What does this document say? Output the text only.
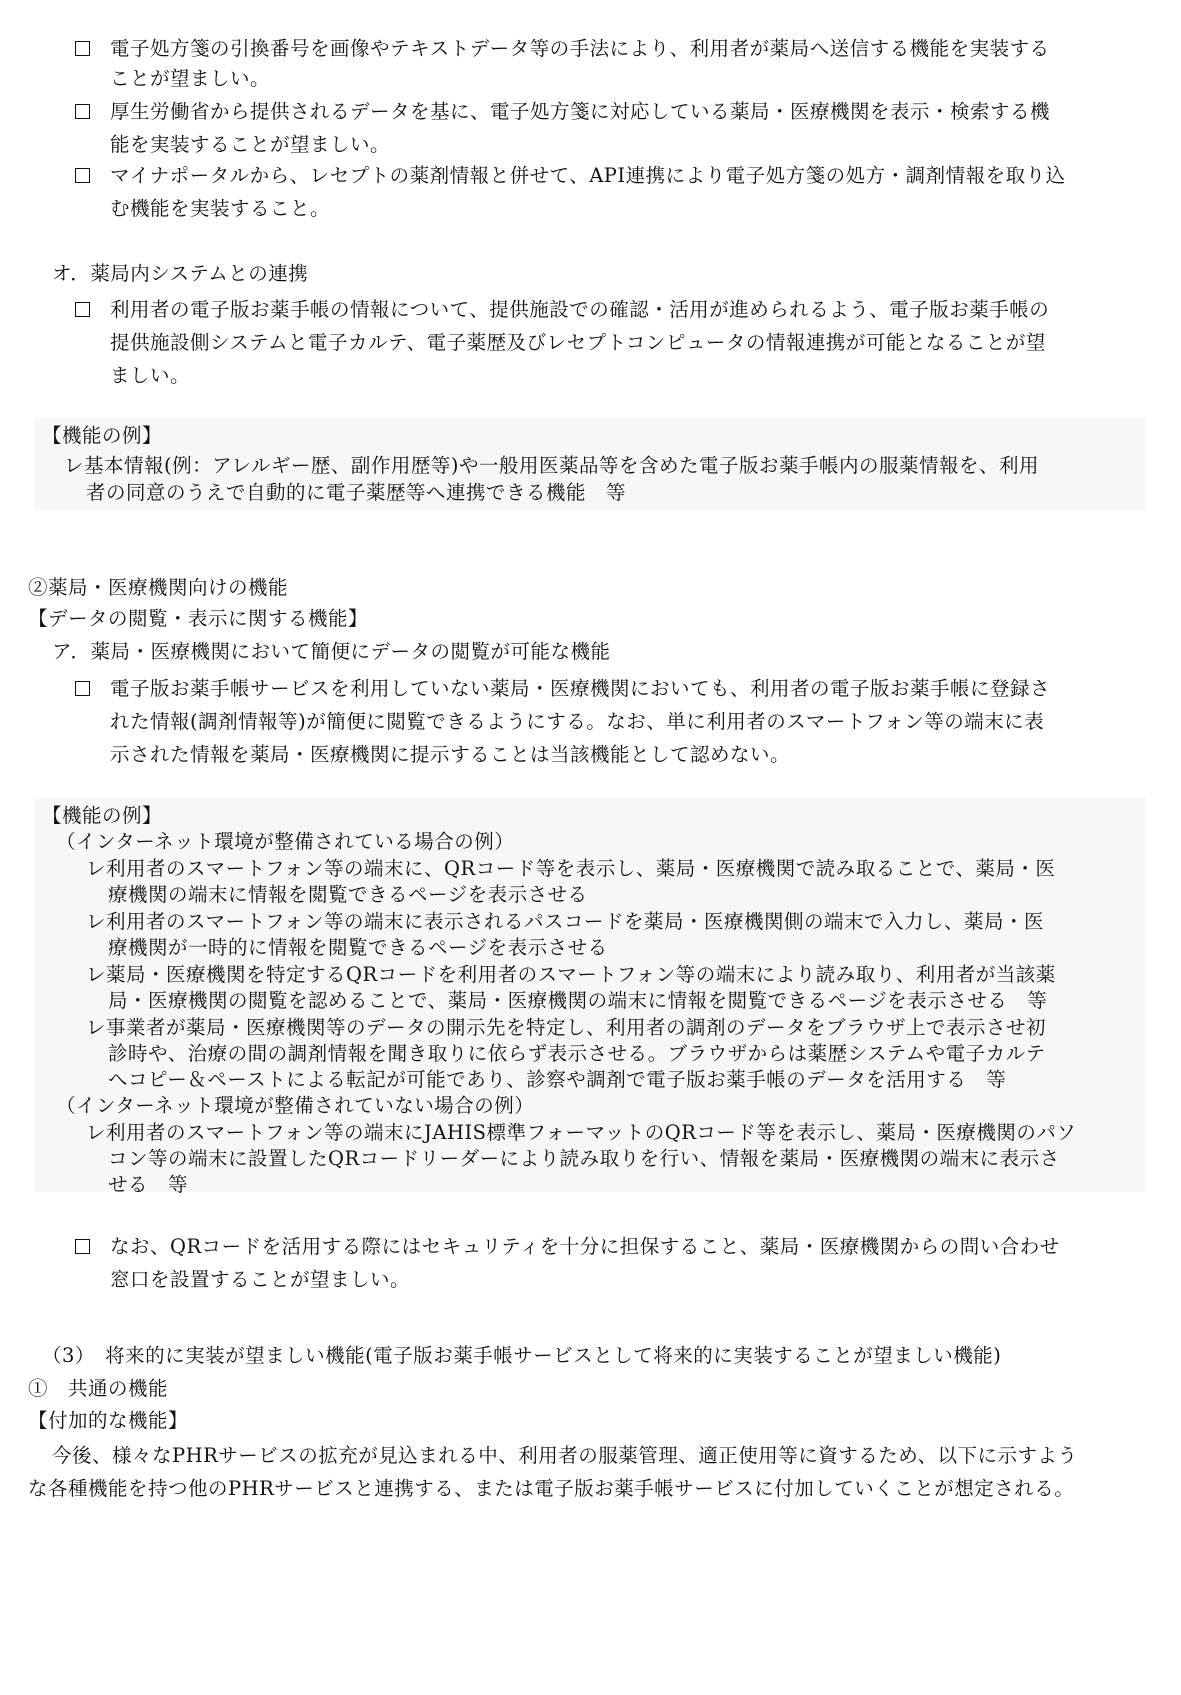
電子処方箋の引換番号を画像やテキストデータ等の手法により、利用者が薬局へ送信する機能を実装する
ことが望ましい。
厚生労働省から提供されるデータを基に、電子処方箋に対応している薬局・医療機関を表示・検索する機
能を実装することが望ましい。
マイナポータルから、レセプトの薬剤情報と併せて、API連携により電子処方箋の処方・調剤情報を取り込
む機能を実装すること。
オ．薬局内システムとの連携
利用者の電子版お薬手帳の情報について、提供施設での確認・活用が進められるよう、電子版お薬手帳の
提供施設側システムと電子カルテ、電子薬歴及びレセプトコンピュータの情報連携が可能となることが望
ましい。
【機能の例】
レ基本情報(例：アレルギー歴、副作用歴等)や一般用医薬品等を含めた電子版お薬手帳内の服薬情報を、利用
者の同意のうえで自動的に電子薬歴等へ連携できる機能　等
②薬局・医療機関向けの機能
【データの閲覧・表示に関する機能】
ア．薬局・医療機関において簡便にデータの閲覧が可能な機能
電子版お薬手帳サービスを利用していない薬局・医療機関においても、利用者の電子版お薬手帳に登録さ
れた情報(調剤情報等)が簡便に閲覧できるようにする。なお、単に利用者のスマートフォン等の端末に表
示された情報を薬局・医療機関に提示することは当該機能として認めない。
【機能の例】
（インターネット環境が整備されている場合の例）
レ利用者のスマートフォン等の端末に、QRコード等を表示し、薬局・医療機関で読み取ることで、薬局・医
療機関の端末に情報を閲覧できるページを表示させる
レ利用者のスマートフォン等の端末に表示されるパスコードを薬局・医療機関側の端末で入力し、薬局・医
療機関が一時的に情報を閲覧できるページを表示させる
レ薬局・医療機関を特定するQRコードを利用者のスマートフォン等の端末により読み取り、利用者が当該薬
局・医療機関の閲覧を認めることで、薬局・医療機関の端末に情報を閲覧できるページを表示させる　等
レ事業者が薬局・医療機関等のデータの開示先を特定し、利用者の調剤のデータをブラウザ上で表示させ初
診時や、治療の間の調剤情報を聞き取りに依らず表示させる。ブラウザからは薬歴システムや電子カルテ
へコピー＆ペーストによる転記が可能であり、診察や調剤で電子版お薬手帳のデータを活用する　等
（インターネット環境が整備されていない場合の例）
レ利用者のスマートフォン等の端末にJAHIS標準フォーマットのQRコード等を表示し、薬局・医療機関のパソ
コン等の端末に設置したQRコードリーダーにより読み取りを行い、情報を薬局・医療機関の端末に表示さ
せる　等
なお、QRコードを活用する際にはセキュリティを十分に担保すること、薬局・医療機関からの問い合わせ
窓口を設置することが望ましい。
（3）　将来的に実装が望ましい機能(電子版お薬手帳サービスとして将来的に実装することが望ましい機能)
①　共通の機能
【付加的な機能】
今後、様々なPHRサービスの拡充が見込まれる中、利用者の服薬管理、適正使用等に資するため、以下に示すよう
な各種機能を持つ他のPHRサービスと連携する、または電子版お薬手帳サービスに付加していくことが想定される。
